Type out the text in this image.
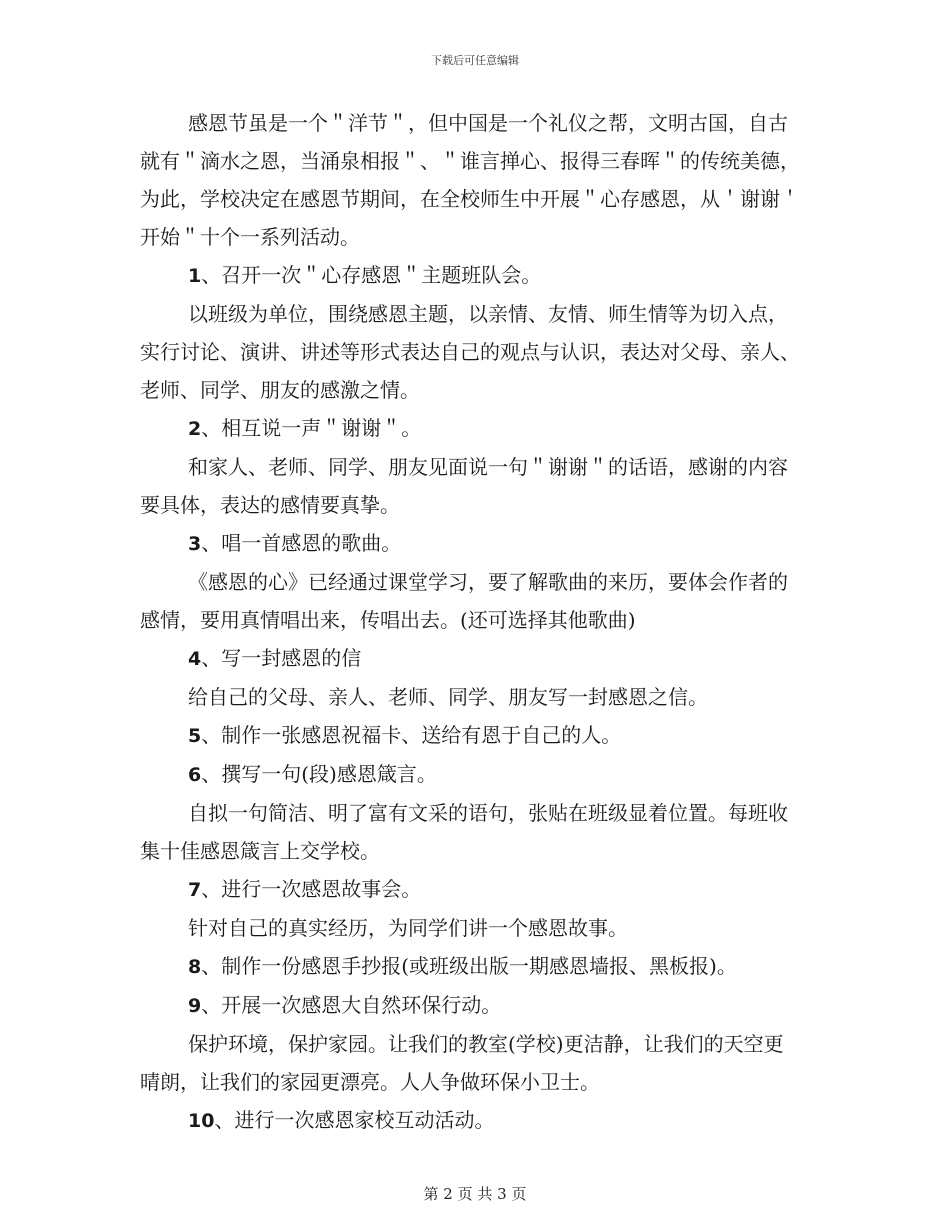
下载后可任意编辑

感恩节虽是一个＂洋节＂，但中国是一个礼仪之帮，文明古国，自古就有＂滴水之恩，当涌泉相报＂、＂谁言掸心、报得三春晖＂的传统美德，为此，学校决定在感恩节期间，在全校师生中开展＂心存感恩，从＇谢谢＇开始＂十个一系列活动。

1、召开一次＂心存感恩＂主题班队会。

以班级为单位，围绕感恩主题，以亲情、友情、师生情等为切入点，实行讨论、演讲、讲述等形式表达自己的观点与认识，表达对父母、亲人、老师、同学、朋友的感激之情。

2、相互说一声＂谢谢＂。

和家人、老师、同学、朋友见面说一句＂谢谢＂的话语，感谢的内容要具体，表达的感情要真挚。

3、唱一首感恩的歌曲。

《感恩的心》已经通过课堂学习，要了解歌曲的来历，要体会作者的感情，要用真情唱出来，传唱出去。(还可选择其他歌曲)

4、写一封感恩的信

给自己的父母、亲人、老师、同学、朋友写一封感恩之信。

5、制作一张感恩祝福卡、送给有恩于自己的人。

6、撰写一句(段)感恩箴言。

自拟一句简洁、明了富有文采的语句，张贴在班级显着位置。每班收集十佳感恩箴言上交学校。

7、进行一次感恩故事会。

针对自己的真实经历，为同学们讲一个感恩故事。

8、制作一份感恩手抄报(或班级出版一期感恩墙报、黑板报)。

9、开展一次感恩大自然环保行动。

保护环境，保护家园。让我们的教室(学校)更洁静，让我们的天空更晴朗，让我们的家园更漂亮。人人争做环保小卫士。

10、进行一次感恩家校互动活动。

第 2 页 共 3 页
